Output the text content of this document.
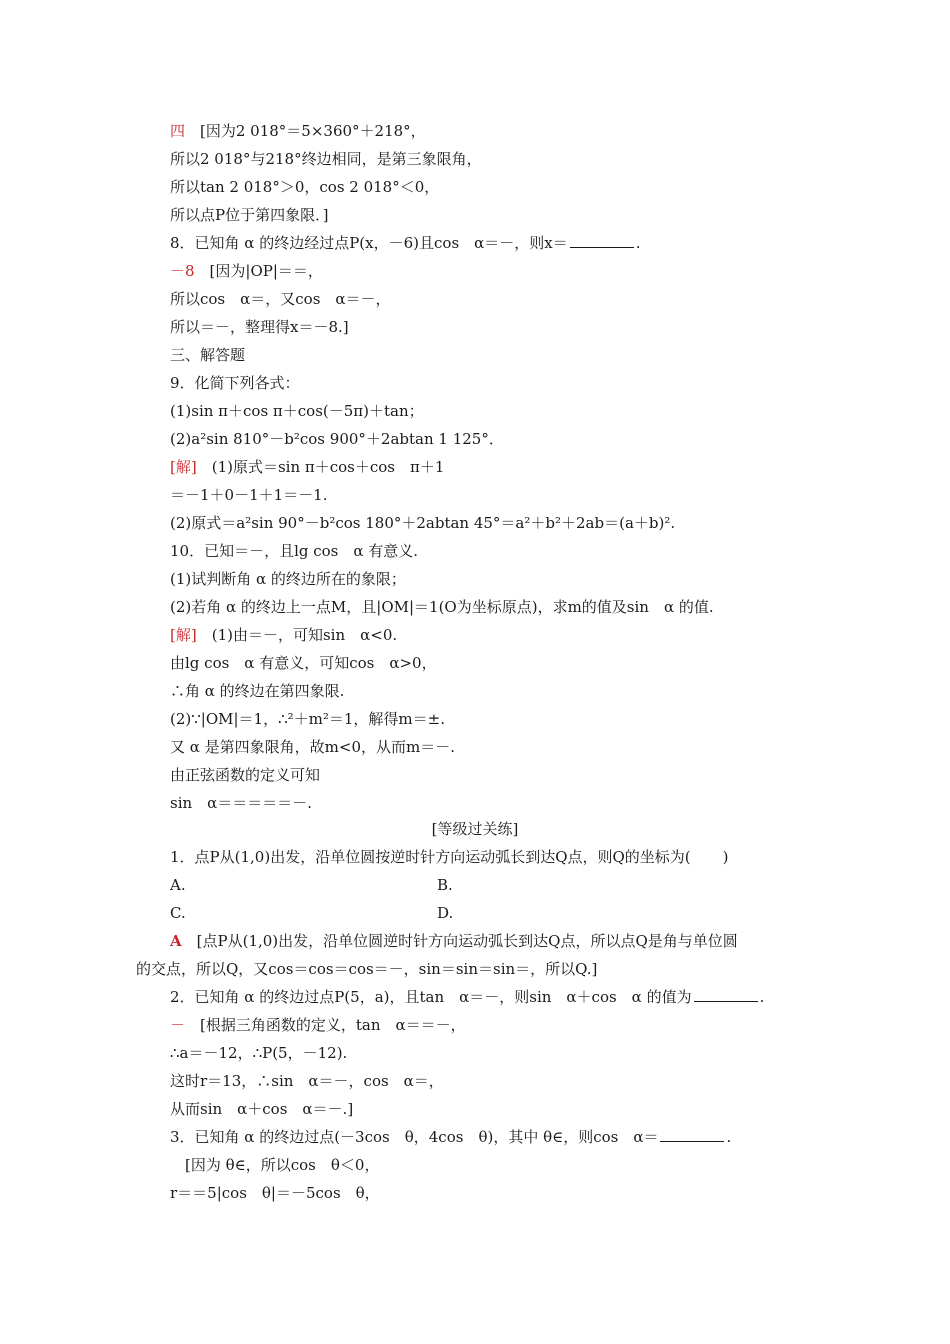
四　[因为2 018°＝5×360°＋218°，
所以2 018°与218°终边相同，是第三象限角，
所以tan 2 018°＞0，cos 2 018°＜0，
所以点P位于第四象限．]
8．已知角 α 的终边经过点P(x，－6)且cos　α＝－，则x＝	.
－8　[因为|OP|＝＝，
所以cos　α＝，又cos　α＝－，
所以＝－，整理得x＝－8.]
三、解答题
9．化简下列各式：
(1)sin π＋cos π＋cos(－5π)＋tan；
(2)a²sin 810°－b²cos 900°＋2abtan 1 125°．
[解]　(1)原式＝sin π＋cos＋cos　π＋1
＝－1＋0－1＋1＝－1.
(2)原式＝a²sin 90°－b²cos 180°＋2abtan 45°＝a²＋b²＋2ab＝(a＋b)².
10．已知＝－，且lg cos　α 有意义.
(1)试判断角 α 的终边所在的象限；
(2)若角 α 的终边上一点M，且|OM|＝1(O为坐标原点)，求m的值及sin　α 的值.
[解]　(1)由＝－，可知sin　α<0.
由lg cos　α 有意义，可知cos　α>0，
∴角 α 的终边在第四象限.
(2)∵|OM|＝1，∴²＋m²＝1，解得m＝±.
又 α 是第四象限角，故m<0，从而m＝－.
由正弦函数的定义可知
sin　α＝＝＝＝＝－.
[等级过关练]
1．点P从(1,0)出发，沿单位圆按逆时针方向运动弧长到达Q点，则Q的坐标为( )
A.	B.
C.	D.
A　[点P从(1,0)出发，沿单位圆逆时针方向运动弧长到达Q点，所以点Q是角与单位圆
的交点，所以Q，又cos＝cos＝cos＝－，sin＝sin＝sin＝，所以Q.]
2．已知角 α 的终边过点P(5，a)，且tan　α＝－，则sin　α＋cos　α 的值为	.
－　[根据三角函数的定义，tan　α＝＝－，
∴a＝－12，∴P(5，－12).
这时r＝13，∴sin　α＝－，cos　α＝，
从而sin　α＋cos　α＝－.]
3．已知角 α 的终边过点(－3cos　θ，4cos　θ)，其中 θ∈，则cos　α＝	.
　[因为 θ∈，所以cos　θ＜0，
r＝＝5|cos　θ|＝－5cos　θ，
